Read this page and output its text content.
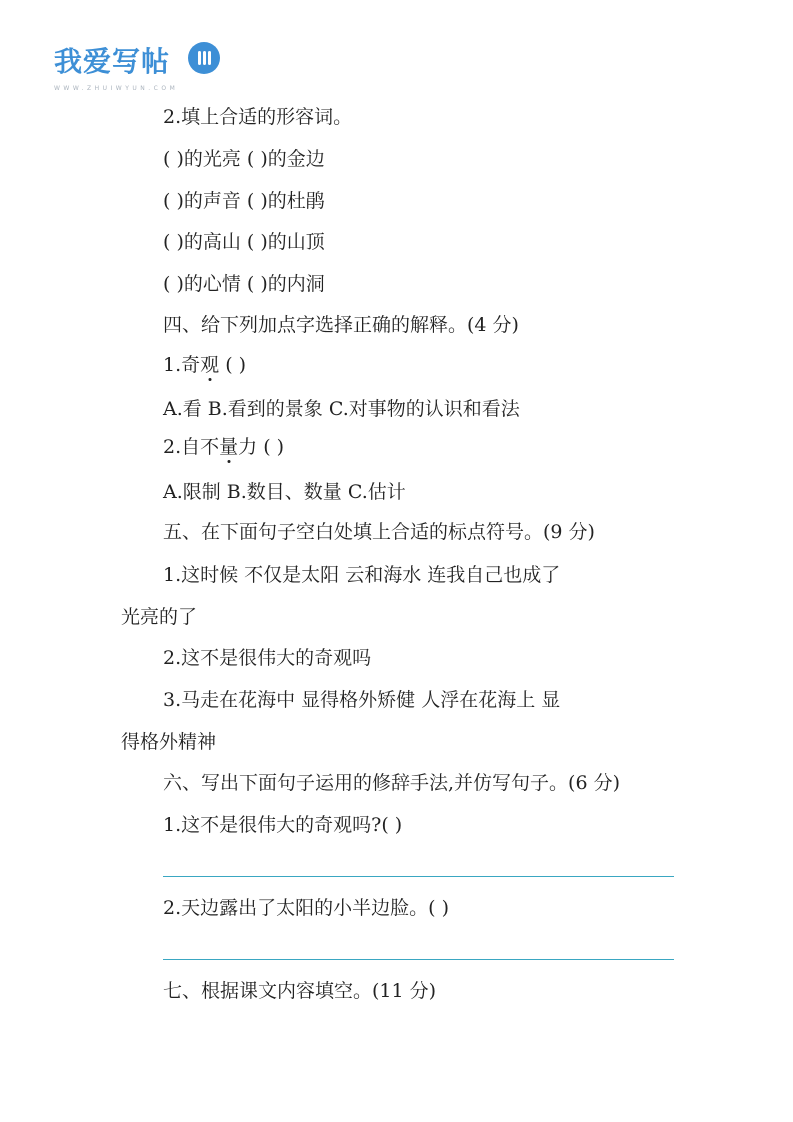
我爱写帖
WWW.ZHUIWYUN.COM
2.填上合适的形容词。
( )的光亮 ( )的金边
( )的声音 ( )的杜鹃
( )的高山 ( )的山顶
( )的心情 ( )的内洞
四、给下列加点字选择正确的解释。(4 分)
1.奇观 ( )
A.看 B.看到的景象 C.对事物的认识和看法
2.自不量力 ( )
A.限制 B.数目、数量 C.估计
五、在下面句子空白处填上合适的标点符号。(9 分)
1.这时候 不仅是太阳 云和海水 连我自己也成了
光亮的了
2.这不是很伟大的奇观吗
3.马走在花海中 显得格外矫健 人浮在花海上 显
得格外精神
六、写出下面句子运用的修辞手法,并仿写句子。(6 分)
1.这不是很伟大的奇观吗?( )
2.天边露出了太阳的小半边脸。( )
七、根据课文内容填空。(11 分)
